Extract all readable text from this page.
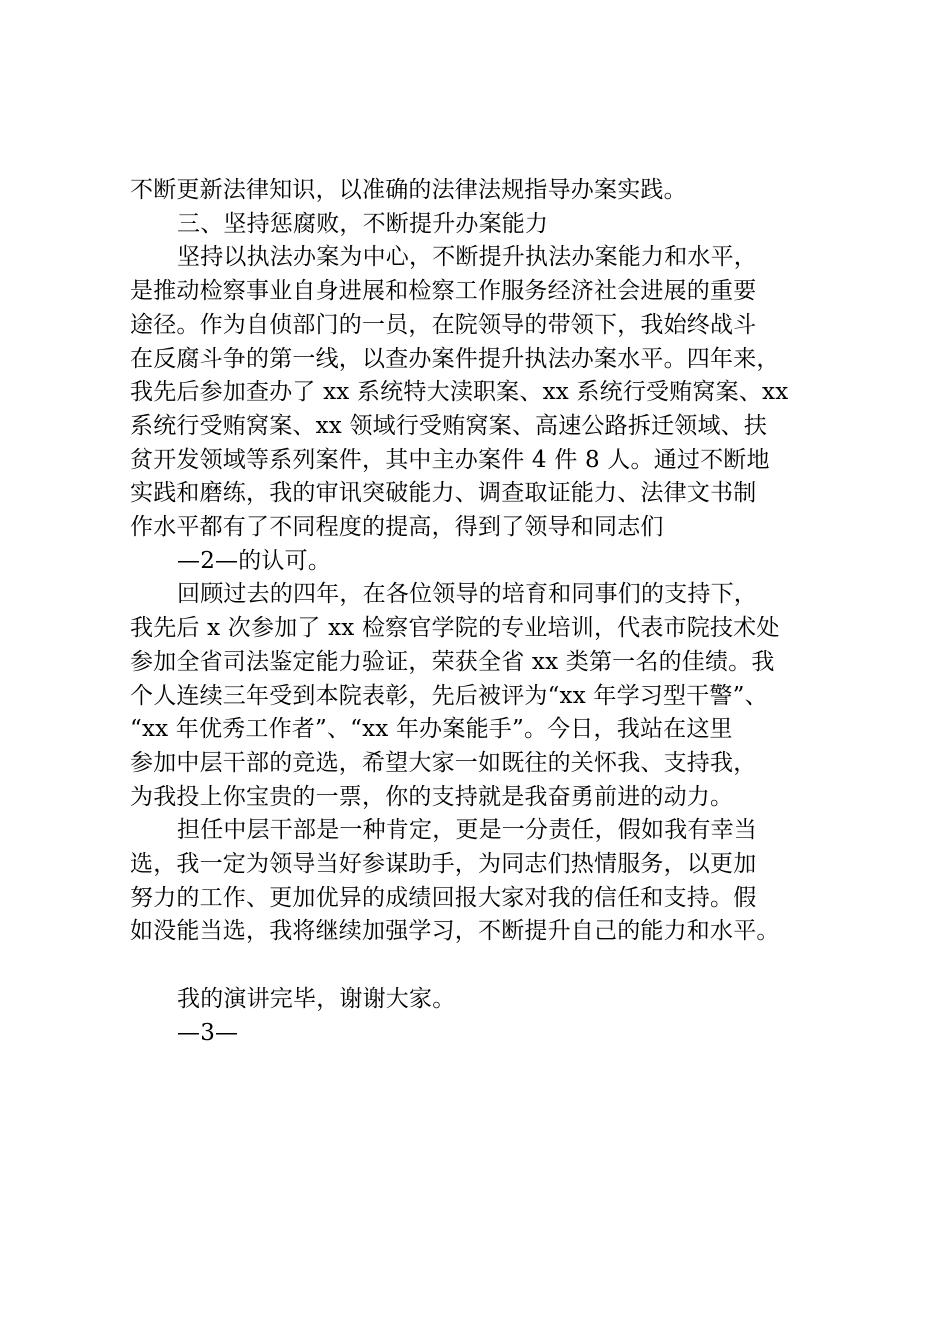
不断更新法律知识，以准确的法律法规指导办案实践。

三、坚持惩腐败，不断提升办案能力

坚持以执法办案为中心，不断提升执法办案能力和水平，

是推动检察事业自身进展和检察工作服务经济社会进展的重要

途径。作为自侦部门的一员，在院领导的带领下，我始终战斗

在反腐斗争的第一线，以查办案件提升执法办案水平。四年来，

我先后参加查办了 xx 系统特大渎职案、xx 系统行受贿窝案、xx

系统行受贿窝案、xx 领域行受贿窝案、高速公路拆迁领域、扶

贫开发领域等系列案件，其中主办案件 4 件 8 人。通过不断地

实践和磨练，我的审讯突破能力、调查取证能力、法律文书制

作水平都有了不同程度的提高，得到了领导和同志们

—2—的认可。

回顾过去的四年，在各位领导的培育和同事们的支持下，

我先后 x 次参加了 xx 检察官学院的专业培训，代表市院技术处

参加全省司法鉴定能力验证，荣获全省 xx 类第一名的佳绩。我

个人连续三年受到本院表彰，先后被评为“xx 年学习型干警”、

“xx 年优秀工作者”、“xx 年办案能手”。今日，我站在这里

参加中层干部的竞选，希望大家一如既往的关怀我、支持我，

为我投上你宝贵的一票，你的支持就是我奋勇前进的动力。

担任中层干部是一种肯定，更是一分责任，假如我有幸当

选，我一定为领导当好参谋助手，为同志们热情服务，以更加

努力的工作、更加优异的成绩回报大家对我的信任和支持。假

如没能当选，我将继续加强学习，不断提升自己的能力和水平。

我的演讲完毕，谢谢大家。

—3—
